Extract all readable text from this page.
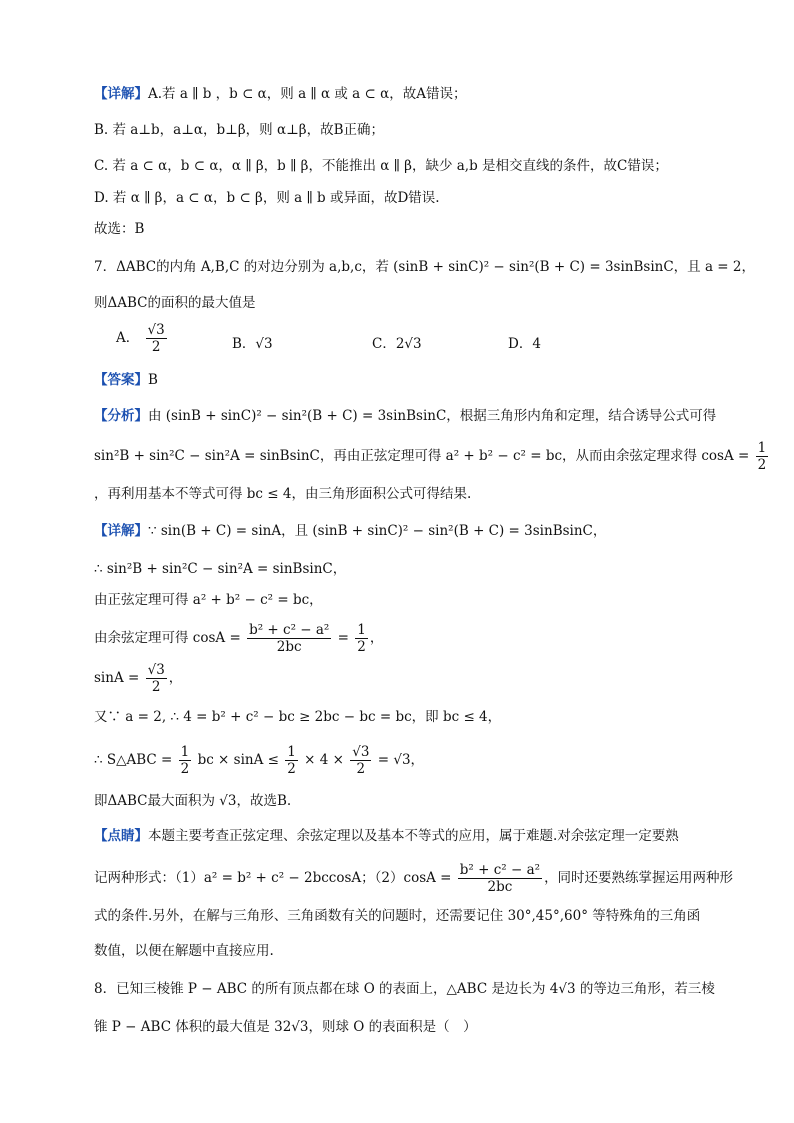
【详解】A.若 a ∥ b ，b ⊂ α，则 a ∥ α 或 a ⊂ α，故A错误；
B. 若 a⊥b，a⊥α，b⊥β，则 α⊥β，故B正确；
C. 若 a ⊂ α，b ⊂ α，α ∥ β，b ∥ β，不能推出 α ∥ β，缺少 a,b 是相交直线的条件，故C错误；
D. 若 α ∥ β，a ⊂ α，b ⊂ β，则 a ∥ b 或异面，故D错误.
故选：B
7．ΔABC的内角 A,B,C 的对边分别为 a,b,c，若 (sinB + sinC)² − sin²(B + C) = 3sinBsinC，且 a = 2，
则ΔABC的面积的最大值是
A． $\frac{√3}{2}$	B．√3	C．2√3	D．4
【答案】B
【分析】由 (sinB + sinC)² − sin²(B + C) = 3sinBsinC，根据三角形内角和定理，结合诱导公式可得
sin²B + sin²C − sin²A = sinBsinC，再由正弦定理可得 a² + b² − c² = bc，从而由余弦定理求得 $\cos A = \frac{1}{2}$
，再利用基本不等式可得 bc ≤ 4，由三角形面积公式可得结果.
【详解】∵ sin(B + C) = sinA，且 (sinB + sinC)² − sin²(B + C) = 3sinBsinC，
∴ sin²B + sin²C − sin²A = sinBsinC，
由正弦定理可得 a² + b² − c² = bc，
由余弦定理可得 $\cos A = \frac{\text{b² + c² − a²}}{2bc} = \frac{1}{2}$ ，
$\sin A = \frac{√3}{2}$ ，
又∵ a = 2, ∴ 4 = b² + c² − bc ≥ 2bc − bc = bc，即 bc ≤ 4，
∴ S△ABC = $\frac{1}{2}$ bc × $\sin A \le \frac{1}{2} \times 4 \times \frac{√3}{2} = √3$，
即ΔABC最大面积为 √3，故选B.
【点睛】本题主要考查正弦定理、余弦定理以及基本不等式的应用，属于难题.对余弦定理一定要熟
记两种形式：（1）a² = b² + c² − 2bccosA；$(2)\cos A = \frac{\text{b² + c² − a²}}{2bc}$ ，同时还要熟练掌握运用两种形
式的条件.另外，在解与三角形、三角函数有关的问题时，还需要记住 30°,45°,60° 等特殊角的三角函
数值，以便在解题中直接应用.
8．已知三棱锥 P − ABC 的所有顶点都在球 O 的表面上，△ABC 是边长为 4√3 的等边三角形，若三棱
锥 P − ABC 体积的最大值是 32√3，则球 O 的表面积是（　）
